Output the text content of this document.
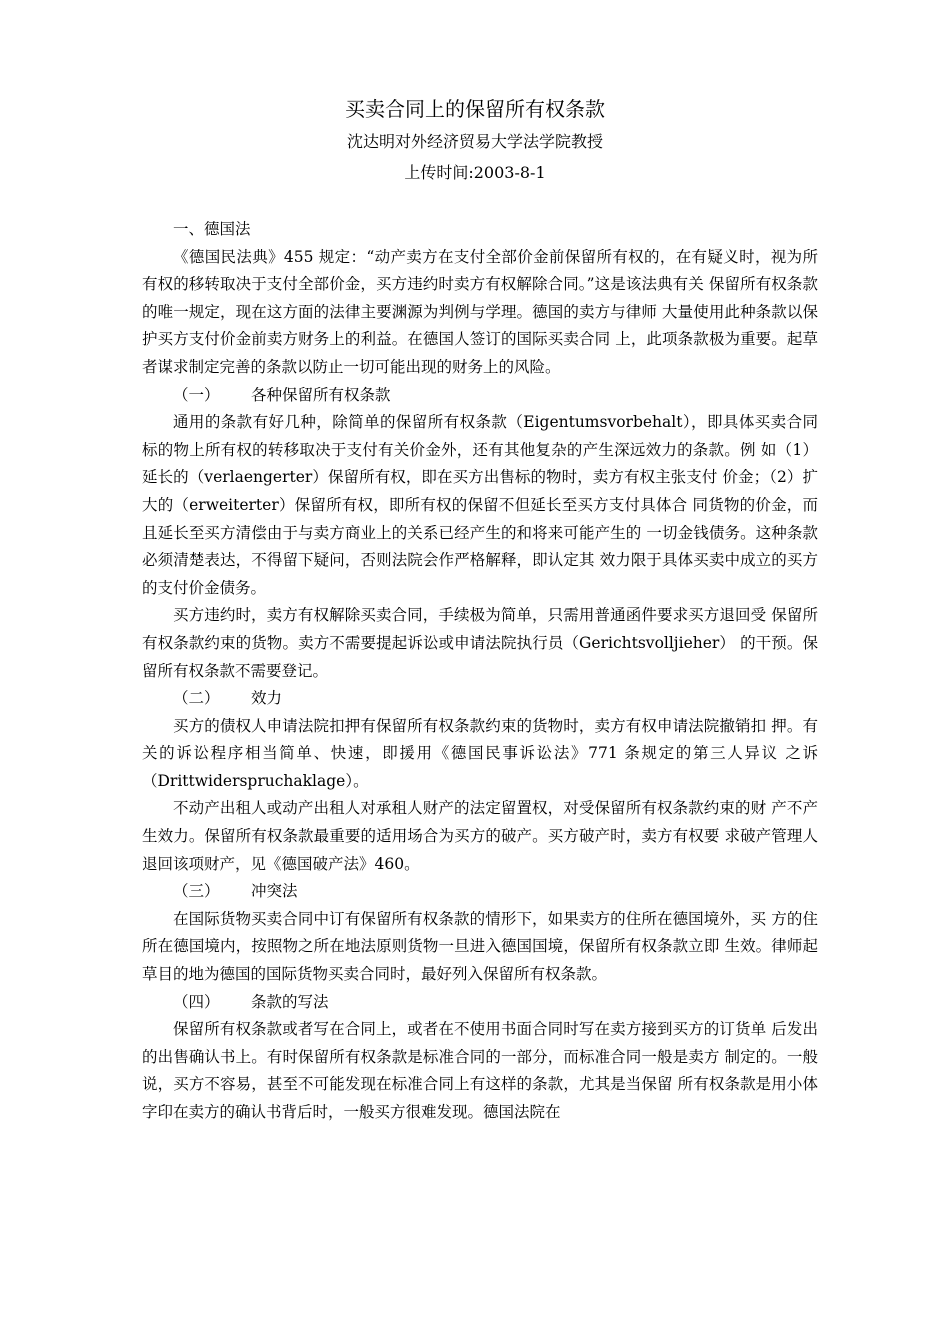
买卖合同上的保留所有权条款
沈达明对外经济贸易大学法学院教授
上传时间:2003-8-1

一、德国法

《德国民法典》455 规定：“动产卖方在支付全部价金前保留所有权的，在有疑义时，视为所有权的移转取决于支付全部价金，买方违约时卖方有权解除合同。”这是该法典有关 保留所有权条款的唯一规定，现在这方面的法律主要渊源为判例与学理。德国的卖方与律师 大量使用此种条款以保护买方支付价金前卖方财务上的利益。在德国人签订的国际买卖合同 上，此项条款极为重要。起草者谋求制定完善的条款以防止一切可能出现的财务上的风险。

（一） 各种保留所有权条款

通用的条款有好几种，除简单的保留所有权条款（Eigentumsvorbehalt），即具体买卖合同标的物上所有权的转移取决于支付有关价金外，还有其他复杂的产生深远效力的条款。例 如（1）延长的（verlaengerter）保留所有权，即在买方出售标的物时，卖方有权主张支付 价金；（2）扩大的（erweiterter）保留所有权，即所有权的保留不但延长至买方支付具体合 同货物的价金，而且延长至买方清偿由于与卖方商业上的关系已经产生的和将来可能产生的 一切金钱债务。这种条款必须清楚表达，不得留下疑问，否则法院会作严格解释，即认定其 效力限于具体买卖中成立的买方的支付价金债务。

买方违约时，卖方有权解除买卖合同，手续极为简单，只需用普通函件要求买方退回受 保留所有权条款约束的货物。卖方不需要提起诉讼或申请法院执行员（Gerichtsvolljieher） 的干预。保留所有权条款不需要登记。

（二） 效力

买方的债权人申请法院扣押有保留所有权条款约束的货物时，卖方有权申请法院撤销扣 押。有关的诉讼程序相当简单、快速，即援用《德国民事诉讼法》771 条规定的第三人异议 之诉（Drittwiderspruchaklage）。

不动产出租人或动产出租人对承租人财产的法定留置权，对受保留所有权条款约束的财 产不产生效力。保留所有权条款最重要的适用场合为买方的破产。买方破产时，卖方有权要 求破产管理人退回该项财产，见《德国破产法》460。

（三） 冲突法

在国际货物买卖合同中订有保留所有权条款的情形下，如果卖方的住所在德国境外，买 方的住所在德国境内，按照物之所在地法原则货物一旦进入德国国境，保留所有权条款立即 生效。律师起草目的地为德国的国际货物买卖合同时，最好列入保留所有权条款。

（四） 条款的写法

保留所有权条款或者写在合同上，或者在不使用书面合同时写在卖方接到买方的订货单 后发出的出售确认书上。有时保留所有权条款是标准合同的一部分，而标准合同一般是卖方 制定的。一般说，买方不容易，甚至不可能发现在标准合同上有这样的条款，尤其是当保留 所有权条款是用小体字印在卖方的确认书背后时，一般买方很难发现。德国法院在
